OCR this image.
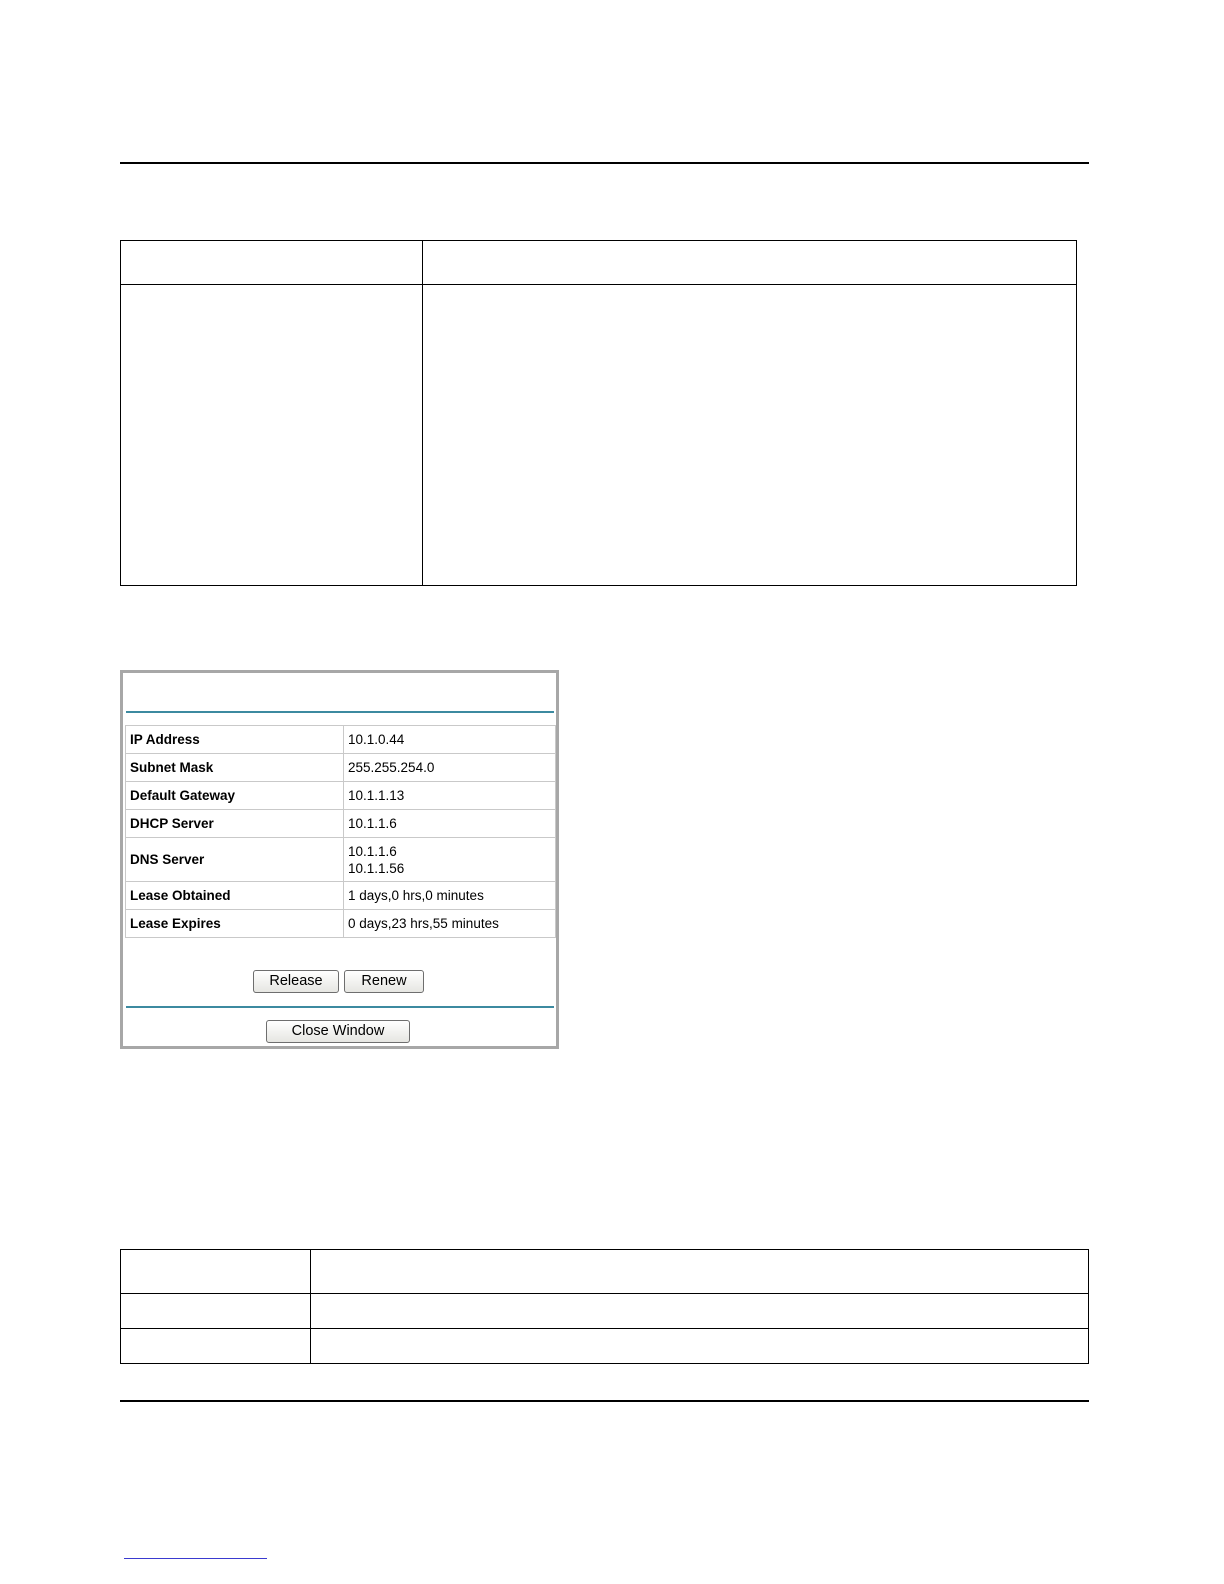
IP Address	10.1.0.44

Subnet Mask	255.255.254.0

Default Gateway	10.1.1.13

DHCP Server	10.1.1.6

DNS Server	10.1.1.6
10.1.1.56

Lease Obtained	1 days,0 hrs,0 minutes

Lease Expires	0 days,23 hrs,55 minutes
Release	Renew
Close Window
